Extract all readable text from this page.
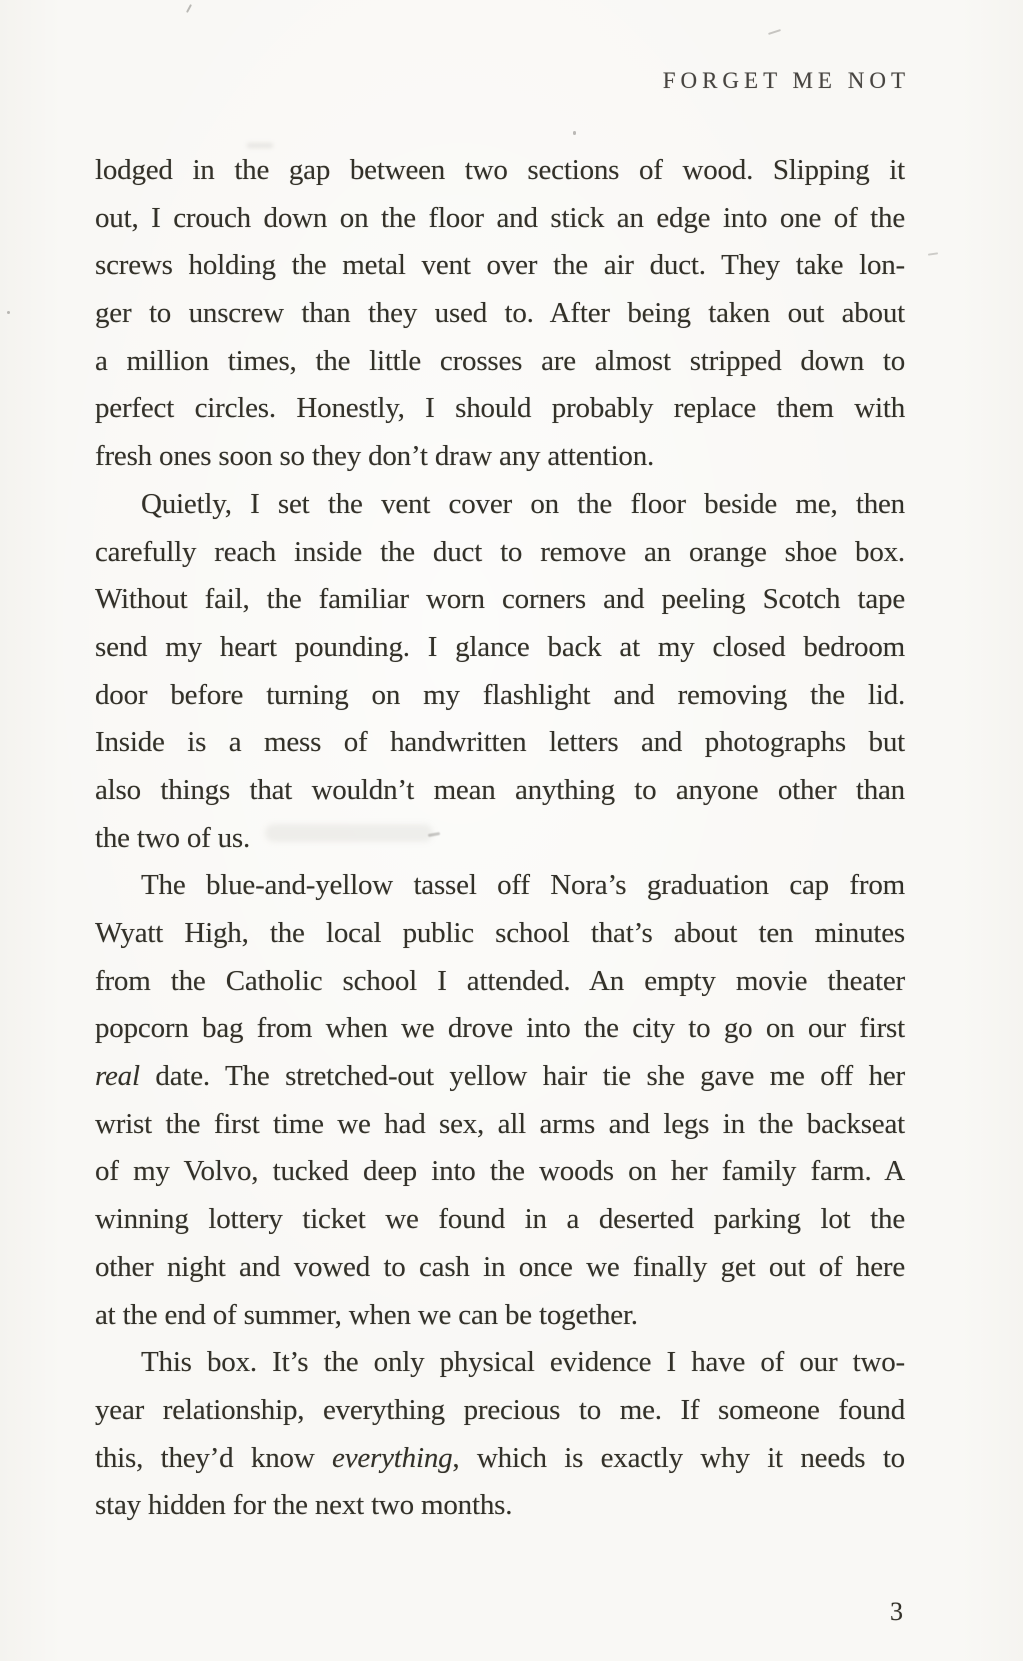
FORGET ME NOT
lodged in the gap between two sections of wood. Slipping it
out, I crouch down on the floor and stick an edge into one of the
screws holding the metal vent over the air duct. They take lon-
ger to unscrew than they used to. After being taken out about
a million times, the little crosses are almost stripped down to
perfect circles. Honestly, I should probably replace them with
fresh ones soon so they don’t draw any attention.
Quietly, I set the vent cover on the floor beside me, then
carefully reach inside the duct to remove an orange shoe box.
Without fail, the familiar worn corners and peeling Scotch tape
send my heart pounding. I glance back at my closed bedroom
door before turning on my flashlight and removing the lid.
Inside is a mess of handwritten letters and photographs but
also things that wouldn’t mean anything to anyone other than
the two of us.
The blue-and-yellow tassel off Nora’s graduation cap from
Wyatt High, the local public school that’s about ten minutes
from the Catholic school I attended. An empty movie theater
popcorn bag from when we drove into the city to go on our first
real date. The stretched-out yellow hair tie she gave me off her
wrist the first time we had sex, all arms and legs in the backseat
of my Volvo, tucked deep into the woods on her family farm. A
winning lottery ticket we found in a deserted parking lot the
other night and vowed to cash in once we finally get out of here
at the end of summer, when we can be together.
This box. It’s the only physical evidence I have of our two-
year relationship, everything precious to me. If someone found
this, they’d know everything, which is exactly why it needs to
stay hidden for the next two months.
3
